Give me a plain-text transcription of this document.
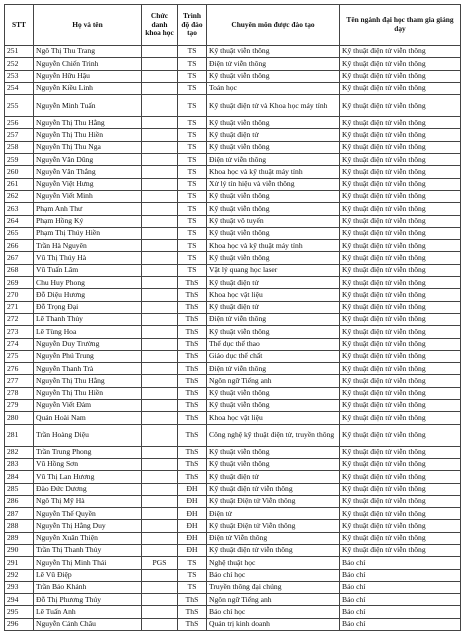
STT	Họ và tên	Chức danh khoa học	Trình độ đào tạo	Chuyên môn được đào tạo	Tên ngành đại học tham gia giảng dạy
251	Ngô Thị Thu Trang		TS	Kỹ thuật viễn thông	Kỹ thuật điện tử viễn thông
252	Nguyễn Chiến Trinh		TS	Điện tử viễn thông	Kỹ thuật điện tử viễn thông
253	Nguyễn Hữu Hậu		TS	Kỹ thuật viễn thông	Kỹ thuật điện tử viễn thông
254	Nguyễn Kiều Linh		TS	Toán học	Kỹ thuật điện tử viễn thông
255	Nguyễn Minh Tuấn		TS	Kỹ thuật điện tử và Khoa học máy tính	Kỹ thuật điện tử viễn thông
256	Nguyễn Thị Thu Hằng		TS	Kỹ thuật viễn thông	Kỹ thuật điện tử viễn thông
257	Nguyễn Thị Thu Hiền		TS	Kỹ thuật điện tử	Kỹ thuật điện tử viễn thông
258	Nguyễn Thị Thu Nga		TS	Kỹ thuật viễn thông	Kỹ thuật điện tử viễn thông
259	Nguyễn Văn Dũng		TS	Điện tử viễn thông	Kỹ thuật điện tử viễn thông
260	Nguyễn Văn Thắng		TS	Khoa học và kỹ thuật máy tính	Kỹ thuật điện tử viễn thông
261	Nguyễn Việt Hưng		TS	Xử lý tín hiệu và viễn thông	Kỹ thuật điện tử viễn thông
262	Nguyễn Viết Minh		TS	Kỹ thuật viễn thông	Kỹ thuật điện tử viễn thông
263	Phạm Anh Thư		TS	Kỹ thuật viễn thông	Kỹ thuật điện tử viễn thông
264	Phạm Hồng Ký		TS	Kỹ thuật vô tuyến	Kỹ thuật điện tử viễn thông
265	Phạm Thị Thúy Hiền		TS	Kỹ thuật viễn thông	Kỹ thuật điện tử viễn thông
266	Trần Hà Nguyên		TS	Khoa học và kỹ thuật máy tính	Kỹ thuật điện tử viễn thông
267	Vũ Thị Thúy Hà		TS	Kỹ thuật viễn thông	Kỹ thuật điện tử viễn thông
268	Vũ Tuấn Lâm		TS	Vật lý quang học laser	Kỹ thuật điện tử viễn thông
269	Chu Huy Phong		ThS	Kỹ thuật điện tử	Kỹ thuật điện tử viễn thông
270	Đỗ Diệu Hương		ThS	Khoa học vật liệu	Kỹ thuật điện tử viễn thông
271	Đỗ Trọng Đại		ThS	Kỹ thuật điện tử	Kỹ thuật điện tử viễn thông
272	Lê Thanh Thủy		ThS	Điện tử viễn thông	Kỹ thuật điện tử viễn thông
273	Lê Tùng Hoa		ThS	Kỹ thuật viễn thông	Kỹ thuật điện tử viễn thông
274	Nguyễn Duy Trường		ThS	Thể dục thể thao	Kỹ thuật điện tử viễn thông
275	Nguyễn Phú Trung		ThS	Giáo dục thể chất	Kỹ thuật điện tử viễn thông
276	Nguyễn Thanh Trà		ThS	Điện tử viễn thông	Kỹ thuật điện tử viễn thông
277	Nguyễn Thị Thu Hằng		ThS	Ngôn ngữ Tiếng anh	Kỹ thuật điện tử viễn thông
278	Nguyễn Thị Thu Hiền		ThS	Kỹ thuật viễn thông	Kỹ thuật điện tử viễn thông
279	Nguyễn Viết Đảm		ThS	Kỹ thuật viễn thông	Kỹ thuật điện tử viễn thông
280	Quản Hoài Nam		ThS	Khoa học vật liệu	Kỹ thuật điện tử viễn thông
281	Trần Hoàng Diệu		ThS	Công nghệ kỹ thuật điện tử, truyền thông	Kỹ thuật điện tử viễn thông
282	Trần Trung Phong		ThS	Kỹ thuật viễn thông	Kỹ thuật điện tử viễn thông
283	Vũ Hồng Sơn		ThS	Kỹ thuật viễn thông	Kỹ thuật điện tử viễn thông
284	Vũ Thị Lan Hương		ThS	Kỹ thuật điện tử	Kỹ thuật điện tử viễn thông
285	Đào Đức Dương		ĐH	Kỹ thuật điện tử viễn thông	Kỹ thuật điện tử viễn thông
286	Ngô Thị Mỹ Hà		ĐH	Kỹ thuật Điện tử Viễn thông	Kỹ thuật điện tử viễn thông
287	Nguyễn Thế Quyền		ĐH	Điện tử	Kỹ thuật điện tử viễn thông
288	Nguyễn Thị Hằng Duy		ĐH	Kỹ thuật Điện tử Viễn thông	Kỹ thuật điện tử viễn thông
289	Nguyễn Xuân Thiện		ĐH	Điện tử Viễn thông	Kỹ thuật điện tử viễn thông
290	Trần Thị Thanh Thủy		ĐH	Kỹ thuật điện tử viễn thông	Kỹ thuật điện tử viễn thông
291	Nguyễn Thị Minh Thái	PGS	TS	Nghệ thuật học	Báo chí
292	Lê Vũ Điệp		TS	Báo chí học	Báo chí
293	Trần Bảo Khánh		TS	Truyền thông đại chúng	Báo chí
294	Đỗ Thị Phương Thúy		ThS	Ngôn ngữ Tiếng anh	Báo chí
295	Lê Tuấn Anh		ThS	Báo chí học	Báo chí
296	Nguyễn Cảnh Châu		ThS	Quản trị kinh doanh	Báo chí
